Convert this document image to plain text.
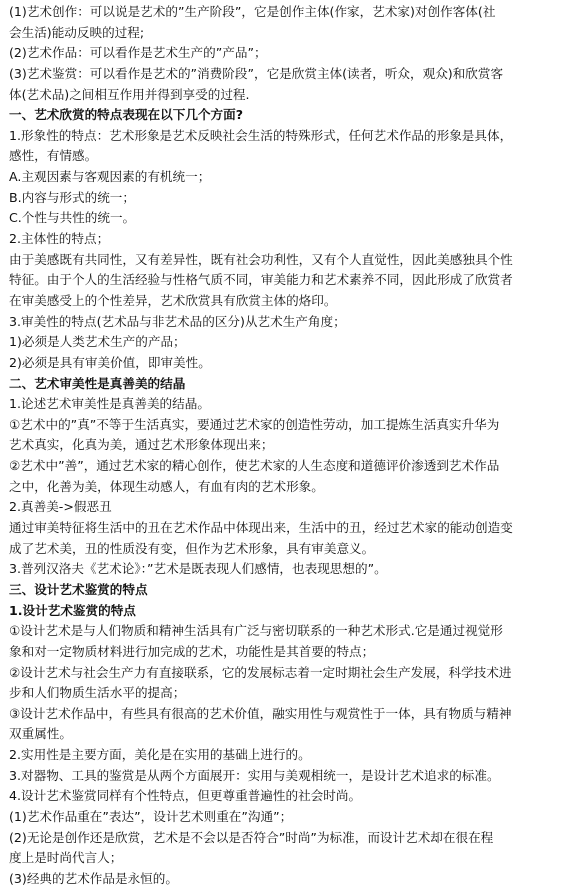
(1)艺术创作：可以说是艺术的”生产阶段”，它是创作主体(作家，艺术家)对创作客体(社
会生活)能动反映的过程;
(2)艺术作品：可以看作是艺术生产的”产品”；
(3)艺术鉴赏：可以看作是艺术的”消费阶段”，它是欣赏主体(读者，听众，观众)和欣赏客
体(艺术品)之间相互作用并得到享受的过程.
一、艺术欣赏的特点表现在以下几个方面?
1.形象性的特点：艺术形象是艺术反映社会生活的特殊形式，任何艺术作品的形象是具体，
感性，有情感。
A.主观因素与客观因素的有机统一；
B.内容与形式的统一；
C.个性与共性的统一。
2.主体性的特点；
由于美感既有共同性，又有差异性，既有社会功利性，又有个人直觉性，因此美感独具个性
特征。由于个人的生活经验与性格气质不同，审美能力和艺术素养不同，因此形成了欣赏者
在审美感受上的个性差异，艺术欣赏具有欣赏主体的烙印。
3.审美性的特点(艺术品与非艺术品的区分)从艺术生产角度；
1)必须是人类艺术生产的产品；
2)必须是具有审美价值，即审美性。
二、艺术审美性是真善美的结晶
1.论述艺术审美性是真善美的结晶。
①艺术中的”真”不等于生活真实，要通过艺术家的创造性劳动，加工提炼生活真实升华为
艺术真实，化真为美，通过艺术形象体现出来；
②艺术中”善”，通过艺术家的精心创作，使艺术家的人生态度和道德评价渗透到艺术作品
之中，化善为美，体现生动感人，有血有肉的艺术形象。
2.真善美->假恶丑
通过审美特征将生活中的丑在艺术作品中体现出来，生活中的丑，经过艺术家的能动创造变
成了艺术美，丑的性质没有变，但作为艺术形象，具有审美意义。
3.普列汉洛夫《艺术论》：”艺术是既表现人们感情，也表现思想的”。
三、设计艺术鉴赏的特点
1.设计艺术鉴赏的特点
①设计艺术是与人们物质和精神生活具有广泛与密切联系的一种艺术形式.它是通过视觉形
象和对一定物质材料进行加完成的艺术，功能性是其首要的特点；
②设计艺术与社会生产力有直接联系，它的发展标志着一定时期社会生产发展，科学技术进
步和人们物质生活水平的提高；
③设计艺术作品中，有些具有很高的艺术价值，融实用性与观赏性于一体，具有物质与精神
双重属性。
2.实用性是主要方面，美化是在实用的基础上进行的。
3.对器物、工具的鉴赏是从两个方面展开：实用与美观相统一，是设计艺术追求的标准。
4.设计艺术鉴赏同样有个性特点，但更尊重普遍性的社会时尚。
(1)艺术作品重在”表达”，设计艺术则重在”沟通”；
(2)无论是创作还是欣赏，艺术是不会以是否符合”时尚”为标准，而设计艺术却在很在程
度上是时尚代言人；
(3)经典的艺术作品是永恒的。
